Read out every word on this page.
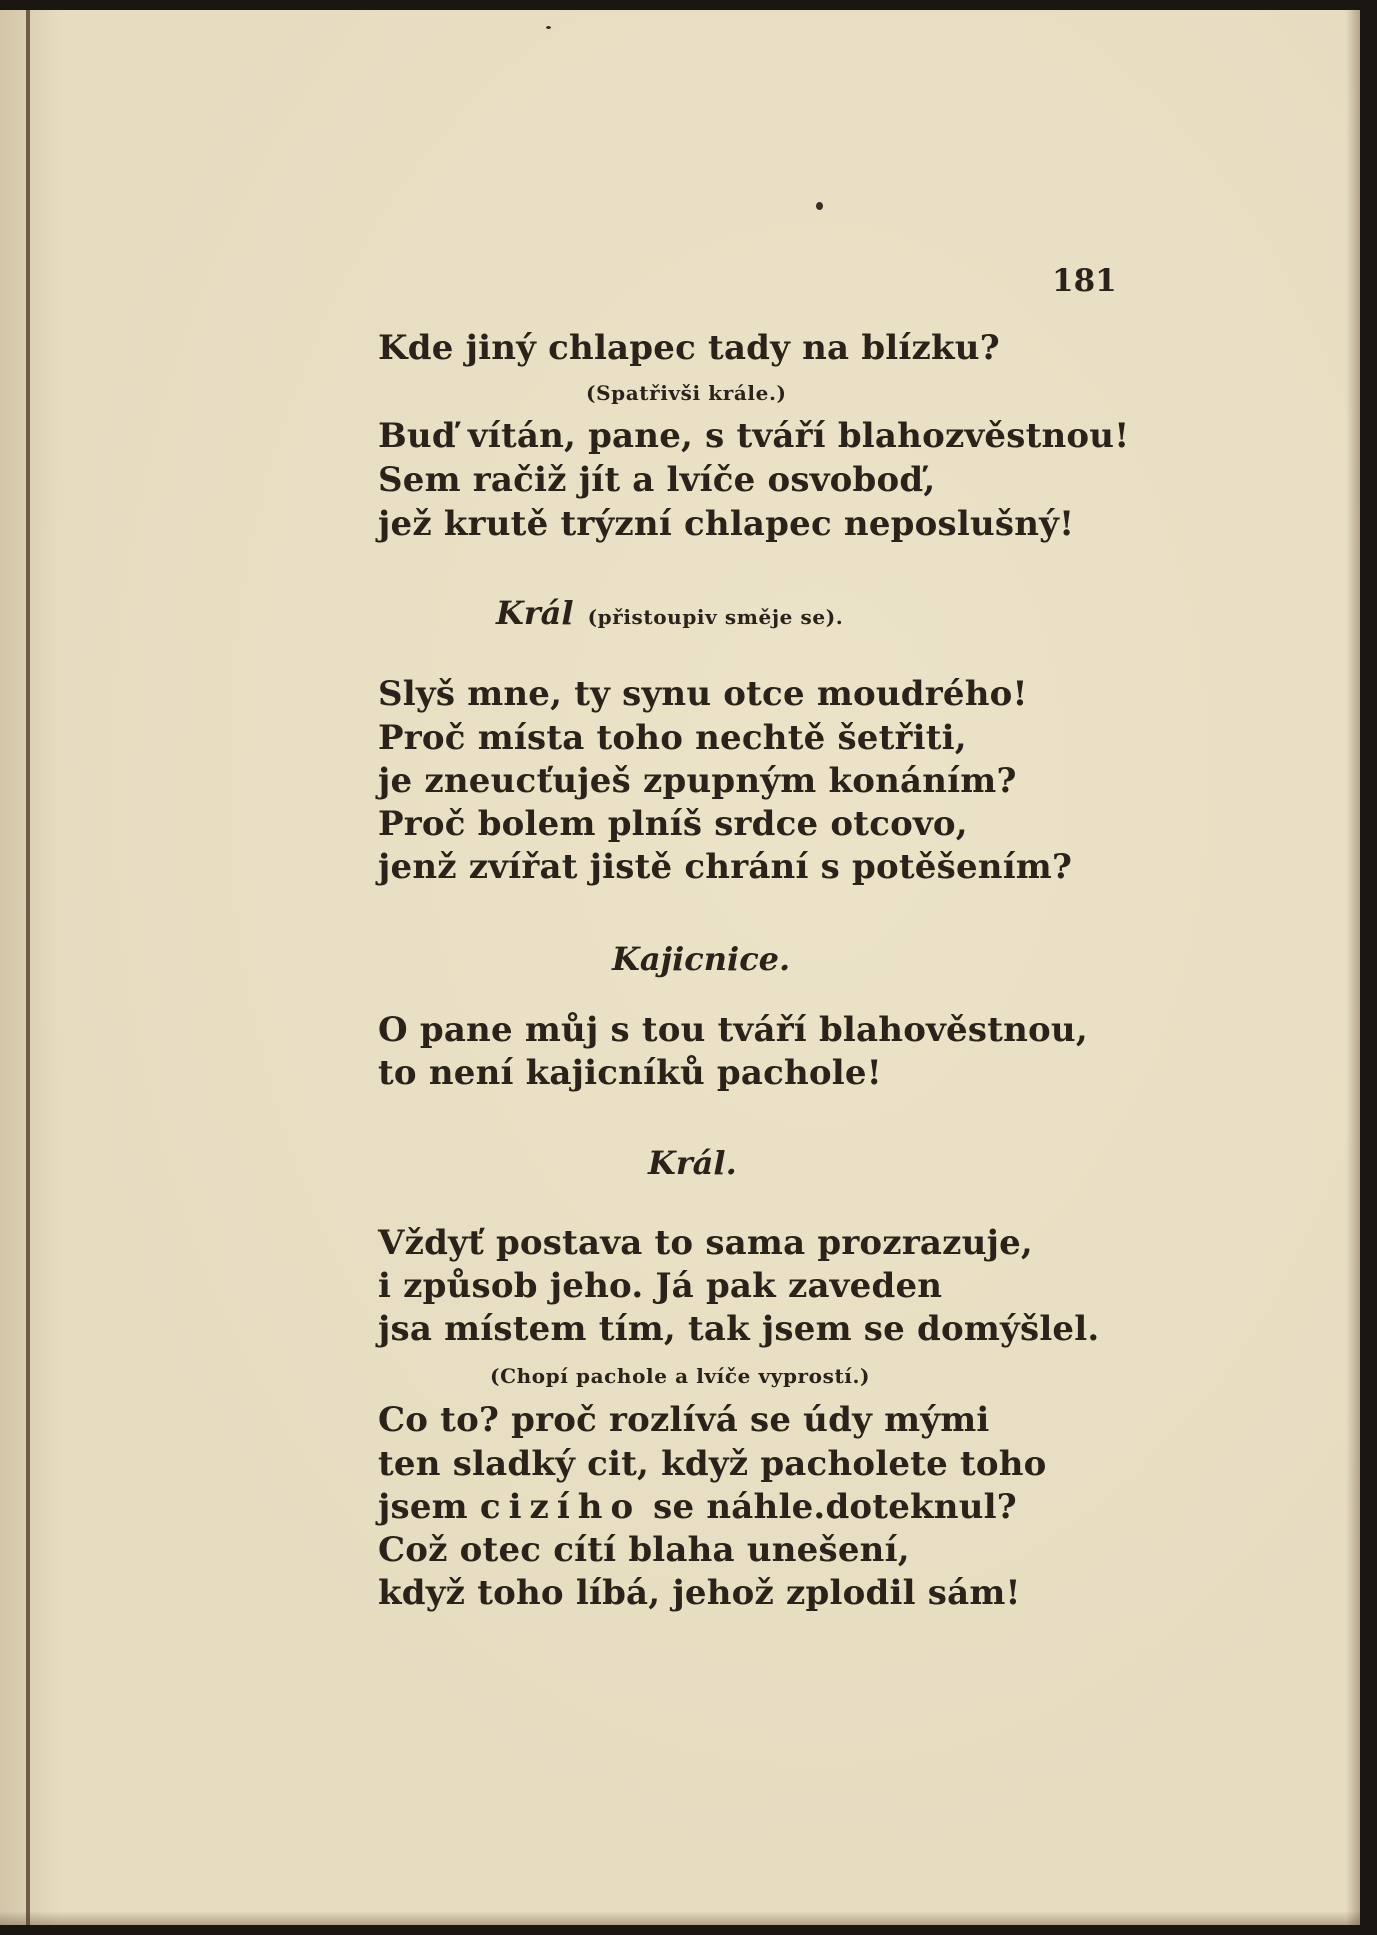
181
Kde jiný chlapec tady na blízku?
(Spatřivši krále.)
Buď vítán, pane, s tváří blahozvěstnou!
Sem račiž jít a lvíče osvoboď,
jež krutě trýzní chlapec neposlušný!
Král (přistoupiv směje se).
Slyš mne, ty synu otce moudrého!
Proč místa toho nechtě šetřiti,
je zneucťuješ zpupným konáním?
Proč bolem plníš srdce otcovo,
jenž zvířat jistě chrání s potěšením?
Kajicnice.
O pane můj s tou tváří blahověstnou,
to není kajicníků pachole!
Král.
Vždyť postava to sama prozrazuje,
i způsob jeho. Já pak zaveden
jsa místem tím, tak jsem se domýšlel.
(Chopí pachole a lvíče vyprostí.)
Co to? proč rozlívá se údy mými
ten sladký cit, když pacholete toho
jsem cizího se náhle.doteknul?
Což otec cítí blaha unešení,
když toho líbá, jehož zplodil sám!
